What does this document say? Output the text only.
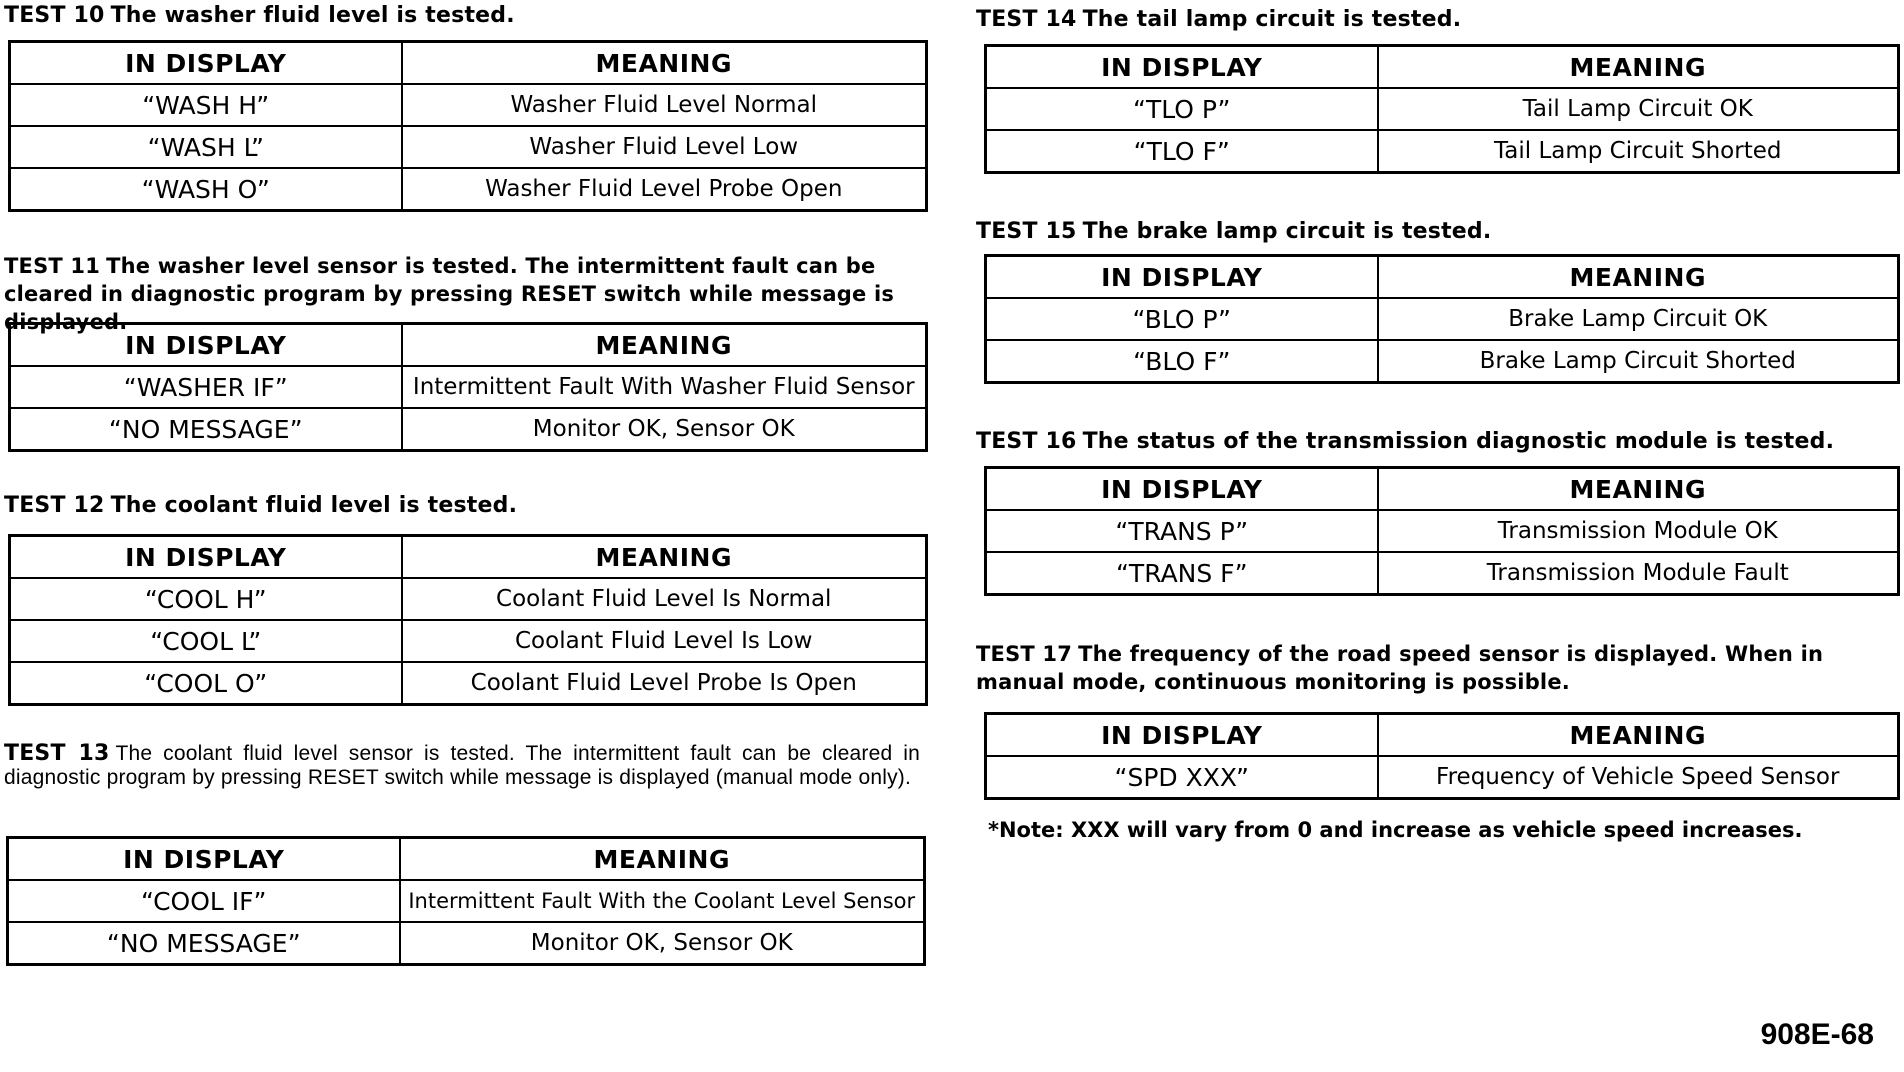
TEST 10 The washer fluid level is tested.

IN DISPLAY	MEANING
“WASH H”	Washer Fluid Level Normal
“WASH L”	Washer Fluid Level Low
“WASH O”	Washer Fluid Level Probe Open

TEST 11 The washer level sensor is tested. The intermittent fault can be cleared in diagnostic program by pressing RESET switch while message is displayed.

IN DISPLAY	MEANING
“WASHER IF”	Intermittent Fault With Washer Fluid Sensor
“NO MESSAGE”	Monitor OK, Sensor OK

TEST 12 The coolant fluid level is tested.

IN DISPLAY	MEANING
“COOL H”	Coolant Fluid Level Is Normal
“COOL L”	Coolant Fluid Level Is Low
“COOL O”	Coolant Fluid Level Probe Is Open

TEST 13 The coolant fluid level sensor is tested. The intermittent fault can be cleared in diagnostic program by pressing RESET switch while message is displayed (manual mode only).

IN DISPLAY	MEANING
“COOL IF”	Intermittent Fault With the Coolant Level Sensor
“NO MESSAGE”	Monitor OK, Sensor OK

TEST 14 The tail lamp circuit is tested.

IN DISPLAY	MEANING
“TLO P”	Tail Lamp Circuit OK
“TLO F”	Tail Lamp Circuit Shorted

TEST 15 The brake lamp circuit is tested.

IN DISPLAY	MEANING
“BLO P”	Brake Lamp Circuit OK
“BLO F”	Brake Lamp Circuit Shorted

TEST 16 The status of the transmission diagnostic module is tested.

IN DISPLAY	MEANING
“TRANS P”	Transmission Module OK
“TRANS F”	Transmission Module Fault

TEST 17 The frequency of the road speed sensor is displayed. When in manual mode, continuous monitoring is possible.

IN DISPLAY	MEANING
“SPD XXX”	Frequency of Vehicle Speed Sensor
*Note: XXX will vary from 0 and increase as vehicle speed increases.
908E-68
